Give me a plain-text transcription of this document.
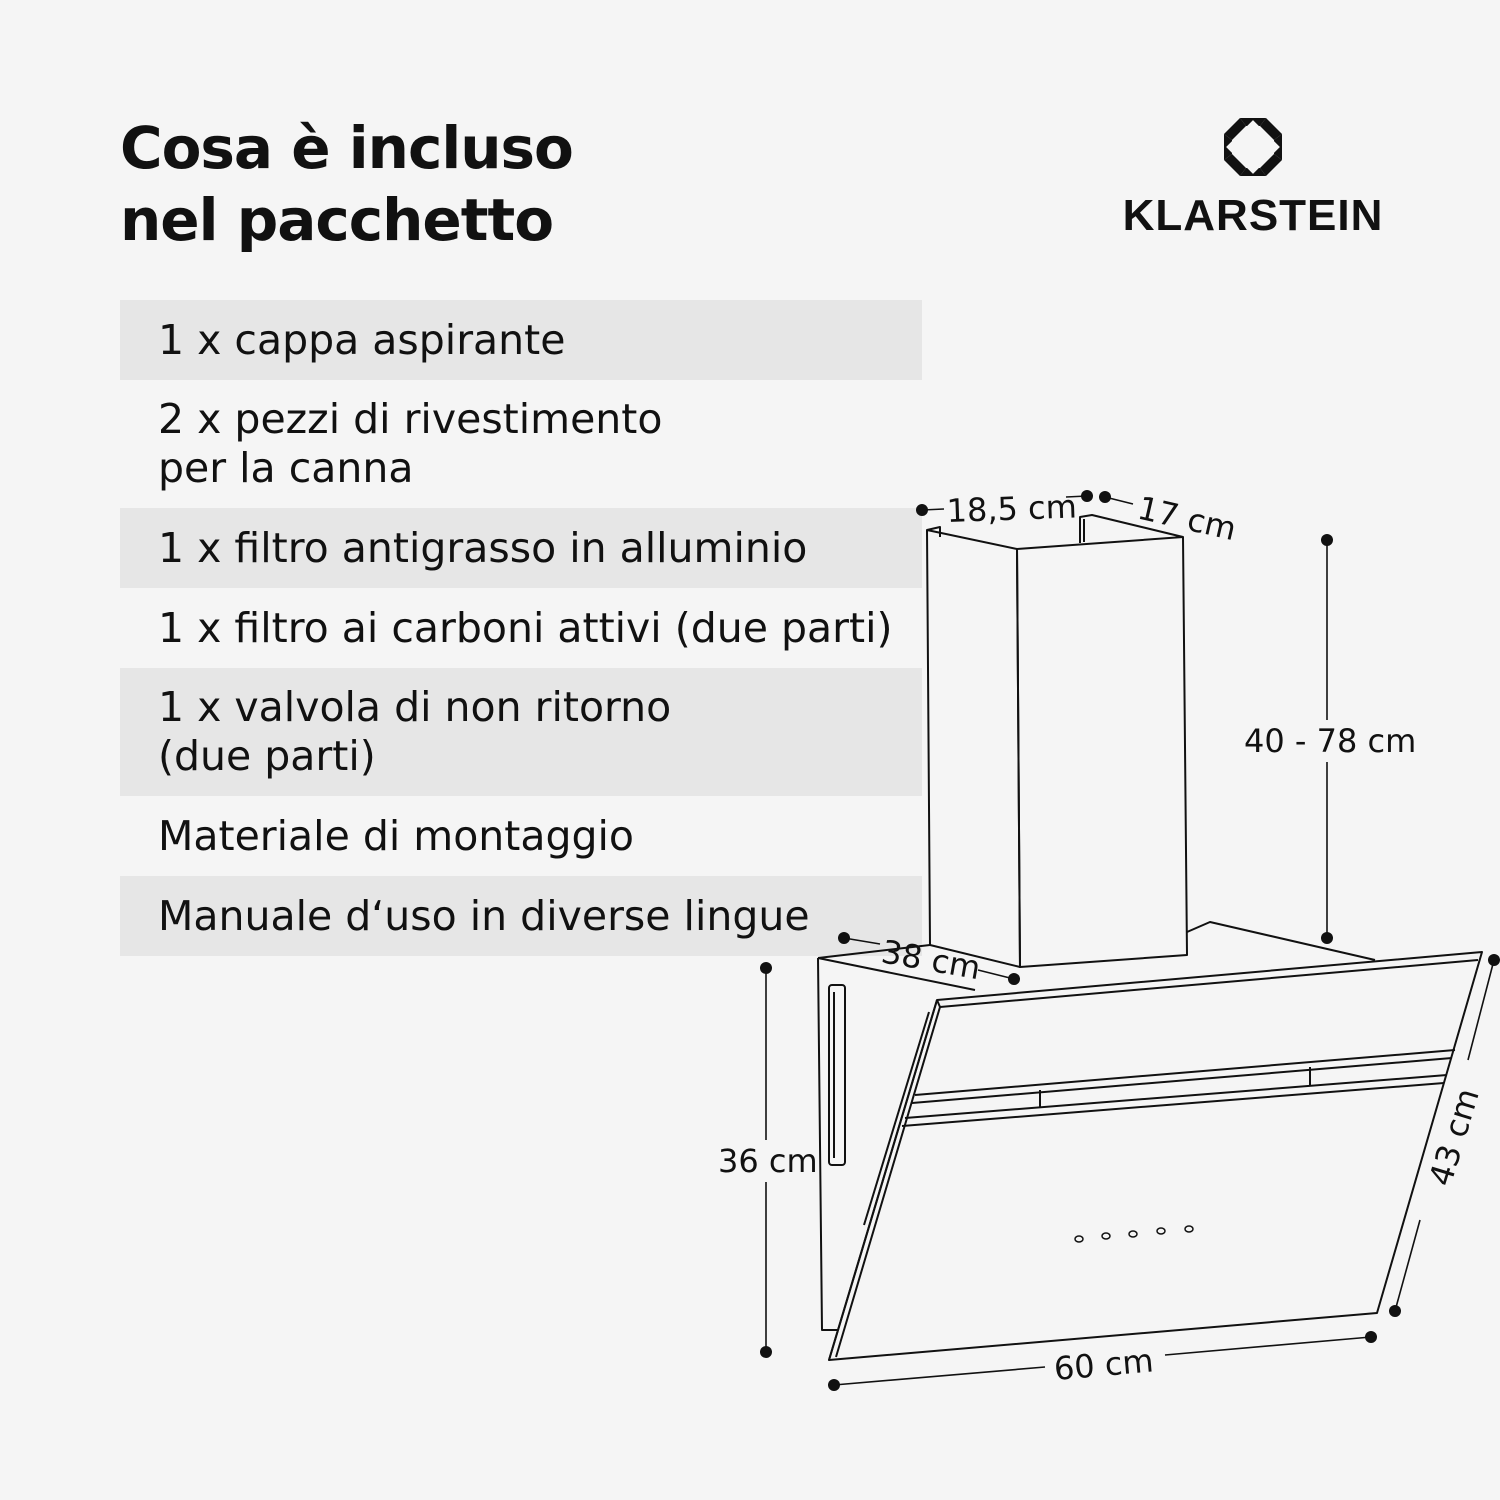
Cosa è incluso
nel pacchetto	KLARSTEIN
1 x cappa aspirante
2 x pezzi di rivestimento
per la canna
1 x filtro antigrasso in alluminio
1 x filtro ai carboni attivi (due parti)
1 x valvola di non ritorno
(due parti)
Materiale di montaggio
Manuale d‘uso in diverse lingue
18,5 cm 17 cm
40 - 78 cm
38 cm
36 cm	43 cm
60 cm
